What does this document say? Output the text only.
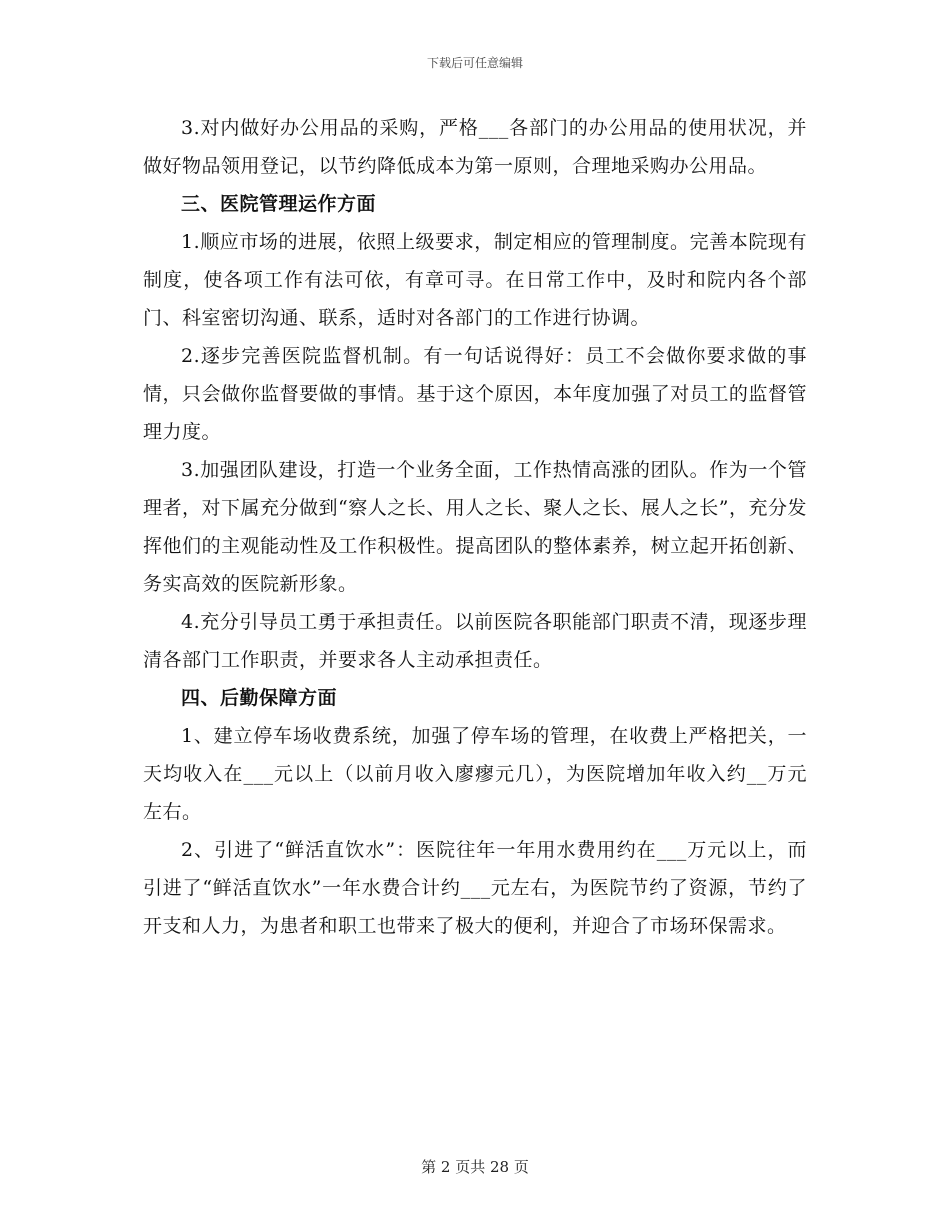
下载后可任意编辑

3.对内做好办公用品的采购，严格___各部门的办公用品的使用状况，并做好物品领用登记，以节约降低成本为第一原则，合理地采购办公用品。

三、医院管理运作方面

1.顺应市场的进展，依照上级要求，制定相应的管理制度。完善本院现有制度，使各项工作有法可依，有章可寻。在日常工作中，及时和院内各个部门、科室密切沟通、联系，适时对各部门的工作进行协调。

2.逐步完善医院监督机制。有一句话说得好：员工不会做你要求做的事情，只会做你监督要做的事情。基于这个原因，本年度加强了对员工的监督管理力度。

3.加强团队建设，打造一个业务全面，工作热情高涨的团队。作为一个管理者，对下属充分做到“察人之长、用人之长、聚人之长、展人之长”，充分发挥他们的主观能动性及工作积极性。提高团队的整体素养，树立起开拓创新、务实高效的医院新形象。

4.充分引导员工勇于承担责任。以前医院各职能部门职责不清，现逐步理清各部门工作职责，并要求各人主动承担责任。

四、后勤保障方面

1、建立停车场收费系统，加强了停车场的管理，在收费上严格把关，一天均收入在___元以上（以前月收入廖瘳元几），为医院增加年收入约__万元左右。

2、引进了“鲜活直饮水”：医院往年一年用水费用约在___万元以上，而引进了“鲜活直饮水”一年水费合计约___元左右，为医院节约了资源，节约了开支和人力，为患者和职工也带来了极大的便利，并迎合了市场环保需求。

第 2 页共 28 页
